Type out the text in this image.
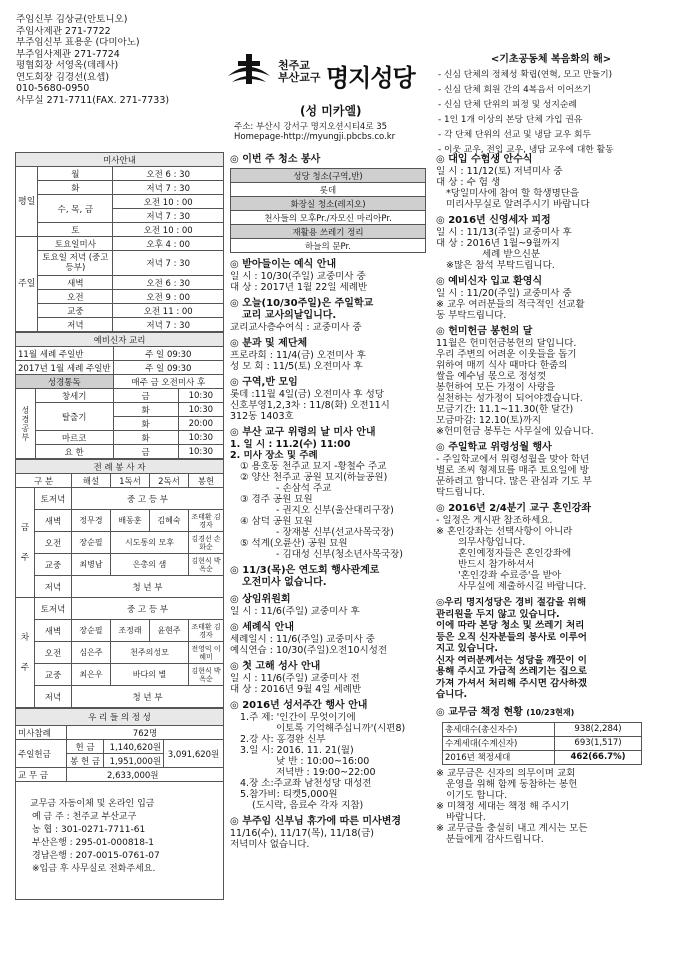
주임신부 김상균(안토니오)
주임사제관 271-7722
부주임신부 표용운 (다미아노)
부주임사제관 271-7724
평협회장 서영옥(데레사)
연도회장 김경선(요셉)
010-5680-0950
사무실 271-7711(FAX. 271-7733)
천주교
부산교구 명지성당
(성 미카엘)
주소: 부산시 강서구 명지오션시티4로 35
Homepage-http://myungji.pbcbs.co.kr
<기초공동체 복음화의 해>
- 신심 단체의 정체성 확립(연혁, 모고 만들기)
- 신심 단체 회원 간의 4복음서 이어쓰기
- 신심 단체 단위의 피정 및 성지순례
- 1인 1개 이상의 본당 단체 가입 권유
- 각 단체 단위의 선교 및 냉담 교우 회두
- 이웃 교우, 전입 교우, 냉담 교우에 대한 활동
미사안내		
평일	월	오전 6 : 30
	화	저녁 7 : 30
	수, 목, 금	오전 10 : 00
		저녁 7 : 30
	토	오전 10 : 00
주일	토요일미사	오후 4 : 00
	토요일 저녁 (중고등부)	저녁 7 : 30
	새벽	오전 6 : 30
	오전	오전 9 : 00
	교중	오전 11 : 00
	저녁	저녁 7 : 30
예비신자 교리			
11월 세례 주일반		주 일 09:30	
2017년 1월 세례 주일반		주 일 09:30	
성경통독		매주 금 오전미사 후	
성경공부	창세기	금	10:30
	탈출기	화	10:30
		화	20:00
	마르코	화	10:30
	요 한	금	10:30
전 례 봉 사 자					
구 분		해설	1독서	2독서	봉헌

금
주	토저녁	중 고 등 부			
	새벽	정무경	배동훈	김혜숙	조태환 김경자
	오전	장순필	시도통의 모후		김경선 손화순
	교중	최병남	은총의 샘		김현식 박옥순
	저녁	청 년 부			

차
주	토저녁	중 고 등 부			
	새벽	장순필	조정래	윤현주	조태환 김경자
	오전	심은주	천주의성모		전영익 이혜미
	교중	최은우	바다의 별		김현식 박옥순
	저녁	청 년 부			
우 리 들 의 정 성			
미사참례	762명		
주일헌금	헌 금	1,140,620원	3,091,620원
	봉 헌 금	1,951,000원	
교 무 금	2,633,000원		
교무금 자동이체 및 온라인 입금
예 금 주 : 천주교 부산교구
농 협 : 301-0271-7711-61
부산은행 : 295-01-000818-1
경남은행 : 207-0015-0761-07
※입금 후 사무실로 전화주세요.
◎ 이번 주 청소 봉사
성당 청소(구역,반)
롯데
화장실 청소(레지오)
천사들의 모후Pr./자모신 마리아Pr.
재활용 쓰레기 정리
하늘의 문Pr.
◎ 받아들이는 예식 안내
일 시 : 10/30(주일) 교중미사 중
대 상 : 2017년 1월 22일 세례반
◎ 오늘(10/30주일)은 주일학교
교리 교사의날입니다.
교리교사층수여식 : 교중미사 중
◎ 분과 및 제단체
프로라회 : 11/4(금) 오전미사 후
성 모 회 : 11/5(토) 오전미사 후
◎ 구역,반 모임
롯데 :11월 4일(금) 오전미사 후 성당
신호부영1,2,3차 : 11/8(화) 오전11시
312동 1403호
◎ 부산 교구 위령의 날 미사 안내
1. 일 시 : 11.2(수) 11:00
2. 미사 장소 및 주례
① 용호동 천주교 묘지 -황철수 주교
② 양산 천주교 공원 묘지(하늘공원)
- 손삼석 주교
③ 경주 공원 묘원
- 권지오 신부(울산대리구장)
④ 삼덕 공원 묘원
- 장재봉 신부(선교사목국장)
⑤ 석계(오륜산) 공원 묘원
- 김대성 신부(청소년사목국장)
◎ 11/3(목)은 연도회 행사관계로
오전미사 없습니다.
◎ 상임위원회
일 시 : 11/6(주일) 교중미사 후
◎ 세례식 안내
세례일시 : 11/6(주일) 교중미사 중
예식연습 : 10/30(주일)오전10시성전
◎ 첫 고해 성사 안내
일 시 : 11/6(주일) 교중미사 전
대 상 : 2016년 9월 4일 세례반
◎ 2016년 성서주간 행사 안내
1.주 제: '인간이 무엇이기에
이토록 기억해주십니까'(시편8)
2.강 사: 홍경완 신부
3.일 시: 2016. 11. 21(월)
낮 반 : 10:00~16:00
저녁반 : 19:00~22:00
4.장 소:주교좌 남천성당 대성전
5.참가비: 티켓5,000원
(도시락, 음료수 각자 지참)
◎ 부주임 신부님 휴가에 따른 미사변경
11/16(수), 11/17(목), 11/18(금)
저녁미사 없습니다.
◎ 대입 수험생 안수식
일 시 : 11/12(토) 저녁미사 중
대 상 : 수 험 생
*당일미사에 참여 할 학생명단을
미리사무실로 알려주시기 바랍니다
◎ 2016년 신영세자 피정
일 시 : 11/13(주일) 교중미사 후
대 상 : 2016년 1월~9월까지
세례 받으신분
※많은 참석 부탁드립니다.
◎ 예비신자 입교 환영식
일 시 : 11/20(주일) 교중미사 중
※ 교우 여러분들의 적극적인 선교활
동 부탁드립니다.
◎ 헌미헌금 봉헌의 달
11월은 헌미헌금봉헌의 달입니다.
우리 주변의 어려운 이웃들을 돕기
위하여 매끼 식사 때마다 한줌의
쌀을 예수님 몫으로 정성껏
봉헌하여 모든 가정이 사랑을
실천하는 성가정이 되어야겠습니다.
모금기간: 11.1~11.30(한 달간)
모금마감: 12.10(토)까지
※헌미헌금 봉투는 사무실에 있습니다.
◎ 주일학교 위령성월 행사
- 주일학교에서 위령성월을 맞아 학년
별로 조씨 형제묘를 매주 토요일에 방
문하려고 합니다. 많은 관심과 기도 부
탁드립니다.
◎ 2016년 2/4분기 교구 혼인강좌
- 일정은 게시판 참조하세요.
※ 혼인강좌는 선택사항이 아니라
의무사항입니다.
혼인예정자들은 혼인강좌에
반드시 참가하셔서
'혼인강좌 수료증'을 받아
사무실에 제출하시길 바랍니다.
◎우리 명지성당은 경비 절감을 위해
관리원을 두지 않고 있습니다.
이에 따라 본당 청소 및 쓰레기 처리
등은 오직 신자분들의 봉사로 이루어
지고 있습니다.
신자 여러분께서는 성당을 깨끗이 이
용해 주시고 가급적 쓰레기는 집으로
가져 가셔서 처리해 주시면 감사하겠
습니다.
◎ 교무금 책정 현황 (10/23현재)
총세대수(총신자수)	938(2,284)
수계세대(수계신자)	693(1,517)
2016년 책정세대	462(66.7%)
※ 교무금은 신자의 의무이며 교회
운영을 위해 함께 동참하는 봉헌
이기도 합니다.
※ 미책정 세대는 책정 해 주시기
바랍니다.
※ 교무금을 충실히 내고 계시는 모든
분들에게 감사드립니다.
